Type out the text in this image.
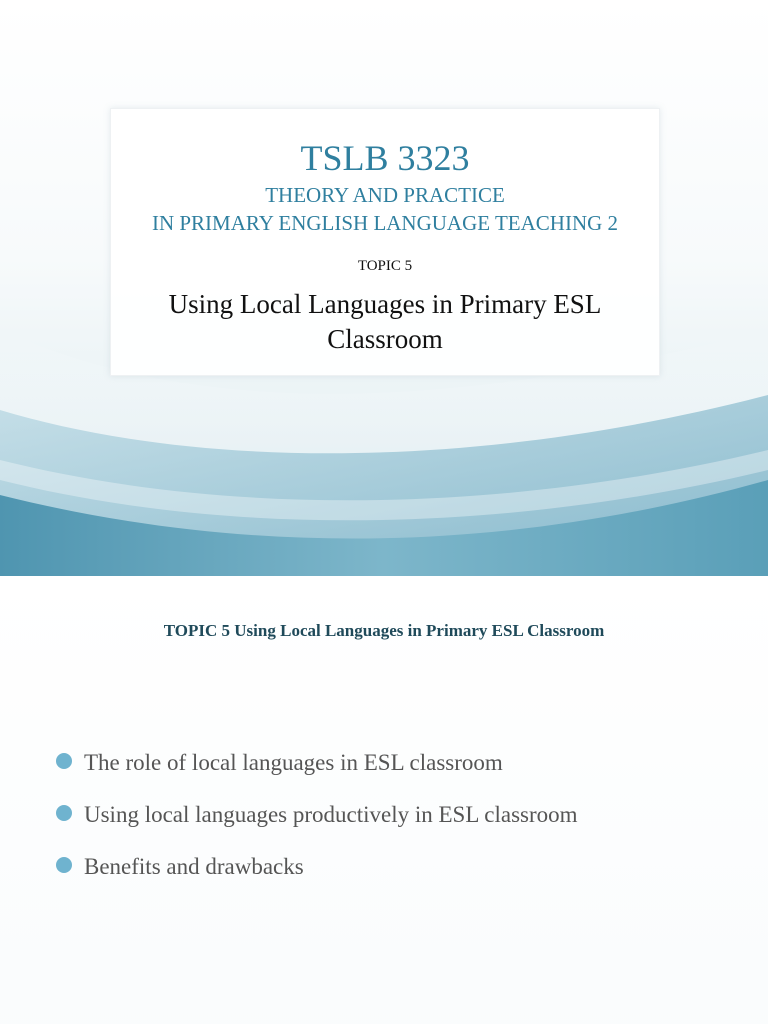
TSLB 3323
THEORY AND PRACTICE
IN PRIMARY ENGLISH LANGUAGE TEACHING 2
TOPIC 5
Using Local Languages in Primary ESL
Classroom
TOPIC 5 Using Local Languages in Primary ESL Classroom
The role of local languages in ESL classroom
Using local languages productively in ESL classroom
Benefits and drawbacks
